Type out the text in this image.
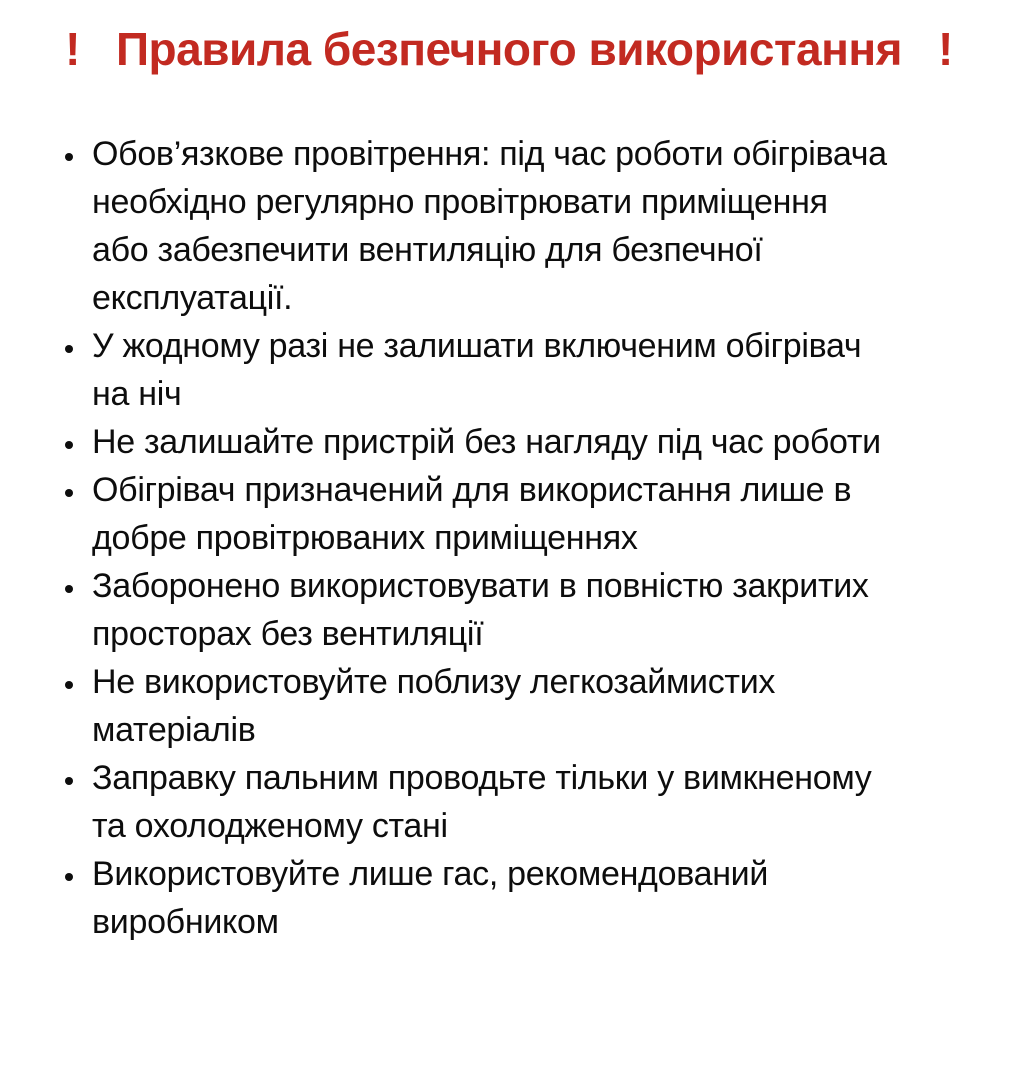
! Правила безпечного використання !
• Обов’язкове провітрення: під час роботи обігрівача необхідно регулярно провітрювати приміщення або забезпечити вентиляцію для безпечної експлуатації.
• У жодному разі не залишати включеним обігрівач на ніч
• Не залишайте пристрій без нагляду під час роботи
• Обігрівач призначений для використання лише в добре провітрюваних приміщеннях
• Заборонено використовувати в повністю закритих просторах без вентиляції
• Не використовуйте поблизу легкозаймистих матеріалів
• Заправку пальним проводьте тільки у вимкненому та охолодженому стані
• Використовуйте лише гас, рекомендований виробником
